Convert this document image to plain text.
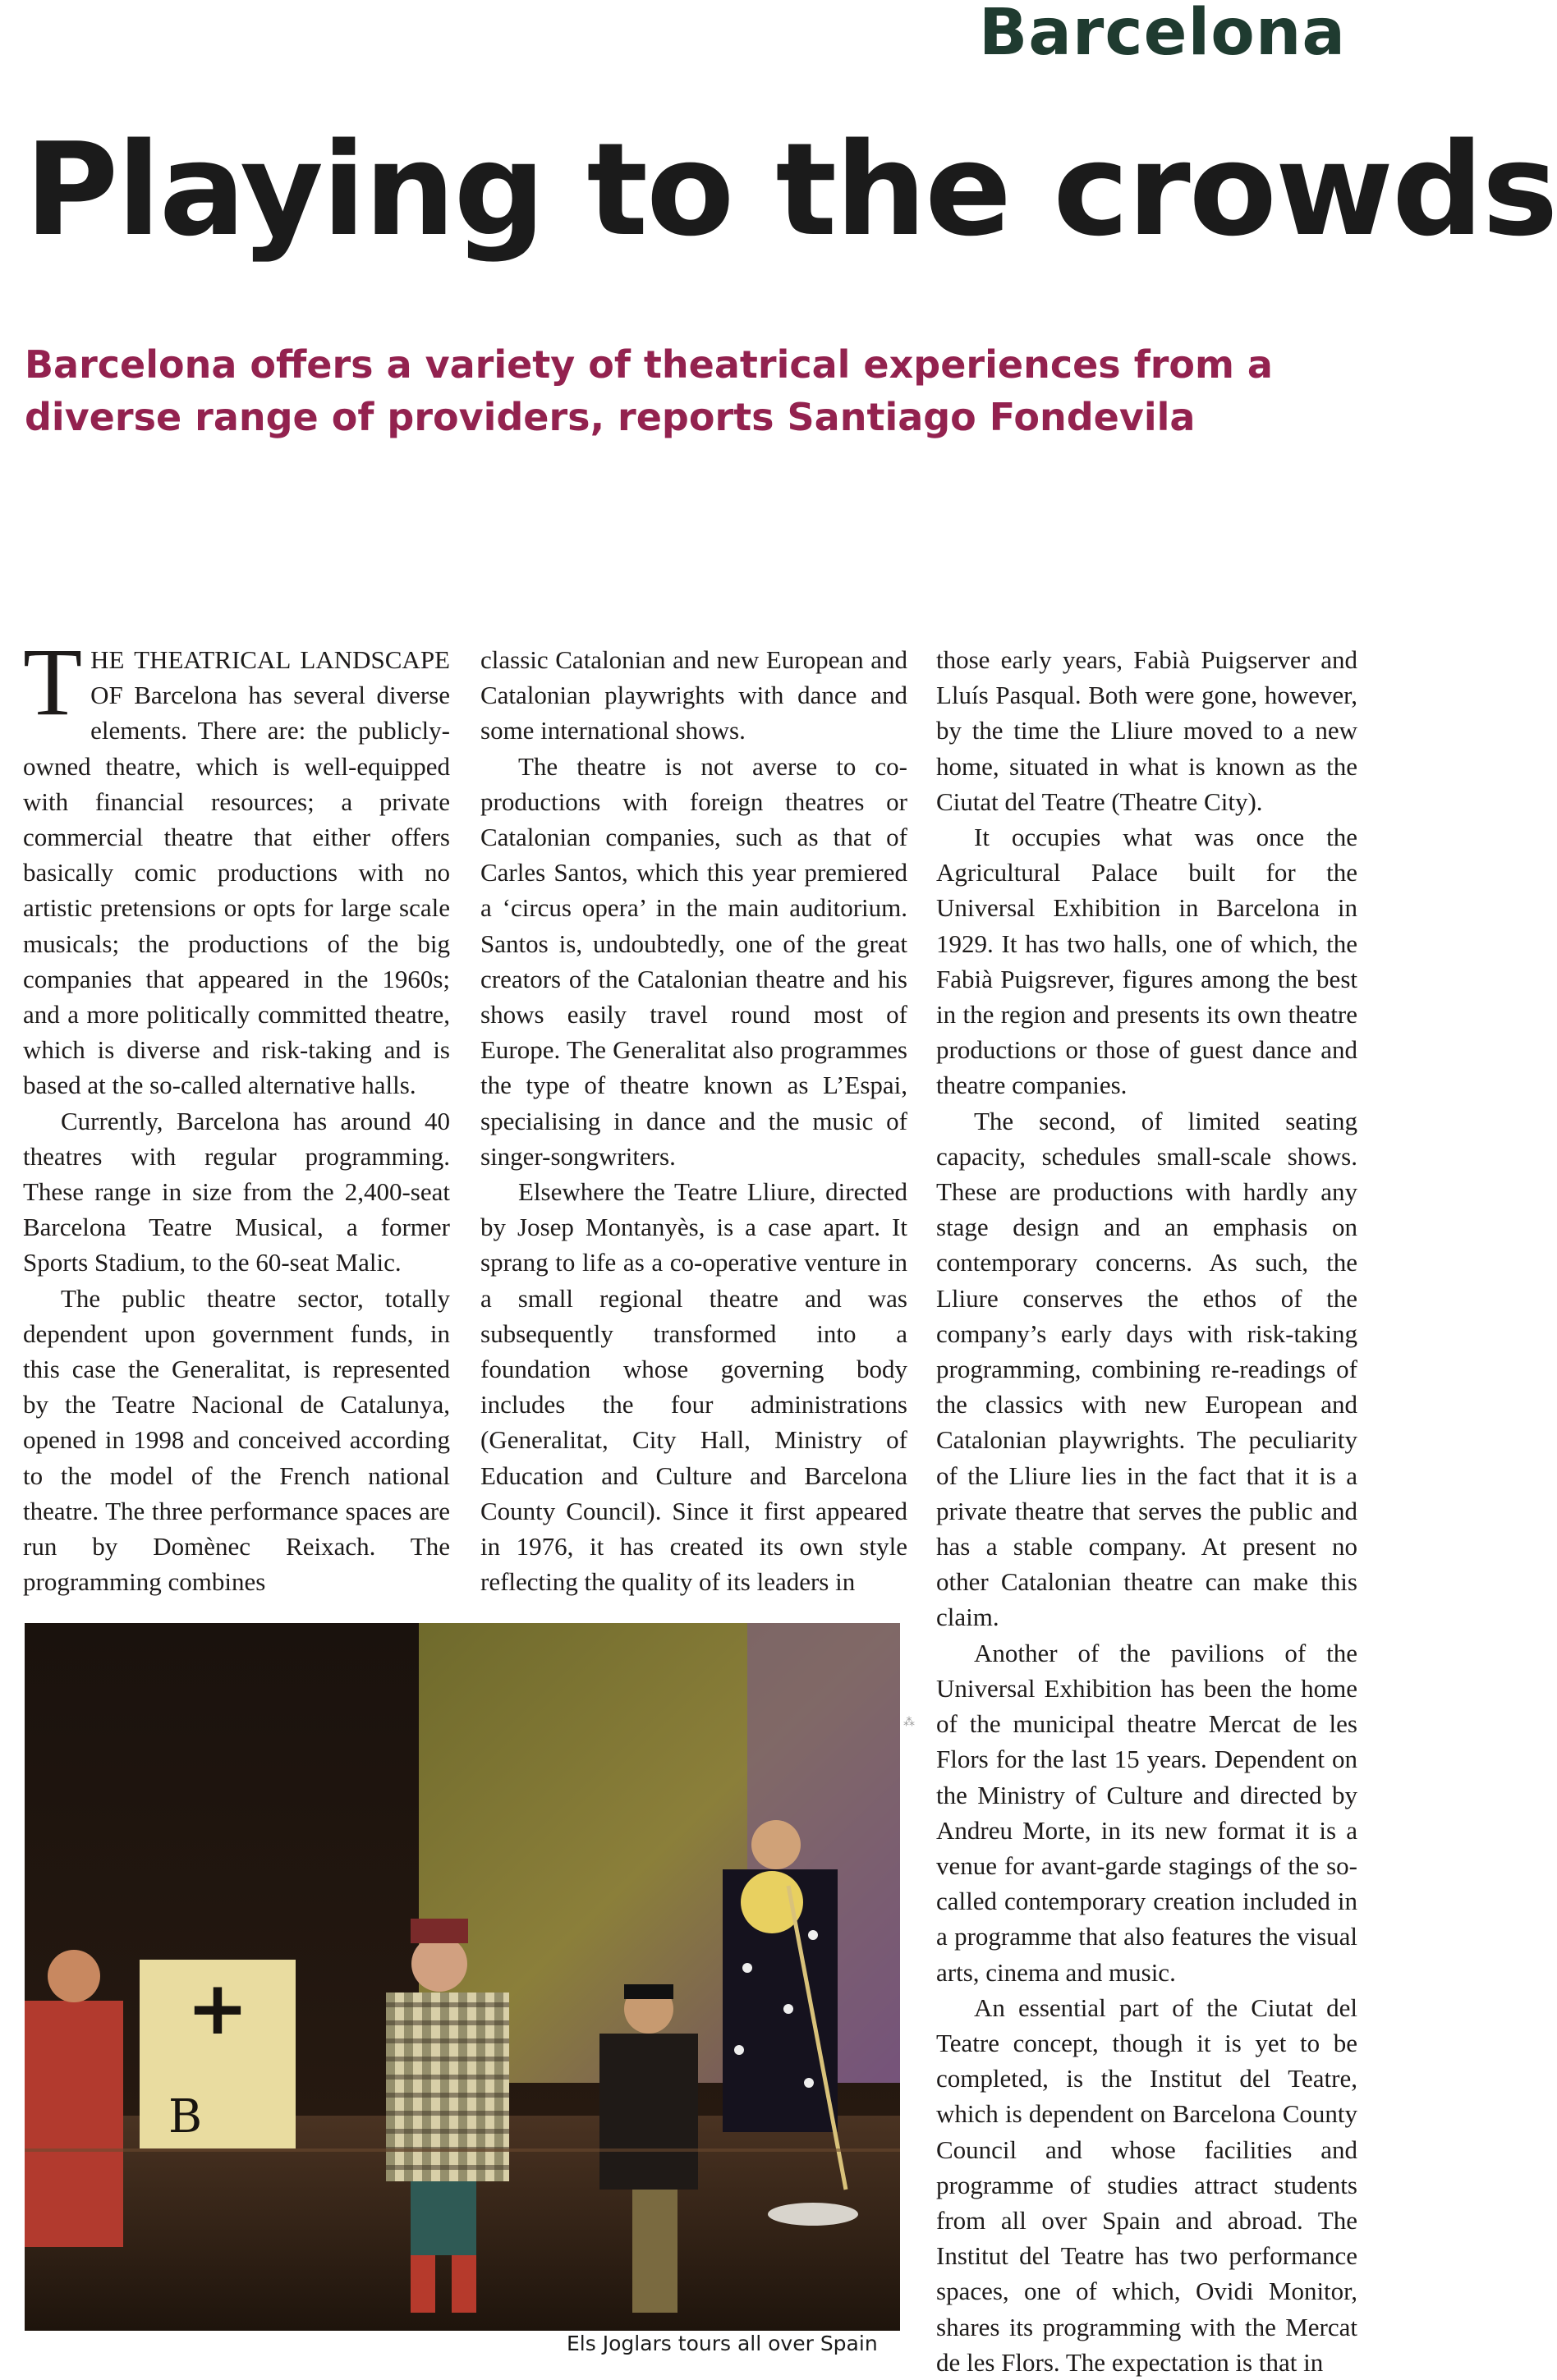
Barcelona
Playing to the crowds
Barcelona offers a variety of theatrical experiences from a diverse range of providers, reports Santiago Fondevila

THE THEATRICAL LANDSCAPE OF Barcelona has several diverse elements. There are: the publicly-owned theatre, which is well-equipped with financial resources; a private commercial theatre that either offers basically comic productions with no artistic pretensions or opts for large scale musicals; the productions of the big companies that appeared in the 1960s; and a more politically committed theatre, which is diverse and risk-taking and is based at the so-called alternative halls.

Currently, Barcelona has around 40 theatres with regular programming. These range in size from the 2,400-seat Barcelona Teatre Musical, a former Sports Stadium, to the 60-seat Malic.

The public theatre sector, totally dependent upon government funds, in this case the Generalitat, is represented by the Teatre Nacional de Catalunya, opened in 1998 and conceived according to the model of the French national theatre. The three performance spaces are run by Domènec Reixach. The programming combines

classic Catalonian and new European and Catalonian playwrights with dance and some international shows.

The theatre is not averse to co-productions with foreign theatres or Catalonian companies, such as that of Carles Santos, which this year premiered a ‘circus opera’ in the main auditorium. Santos is, undoubtedly, one of the great creators of the Catalonian theatre and his shows easily travel round most of Europe. The Generalitat also programmes the type of theatre known as L’Espai, specialising in dance and the music of singer-songwriters.

Elsewhere the Teatre Lliure, directed by Josep Montanyès, is a case apart. It sprang to life as a co-operative venture in a small regional theatre and was subsequently transformed into a foundation whose governing body includes the four administrations (Generalitat, City Hall, Ministry of Education and Culture and Barcelona County Council). Since it first appeared in 1976, it has created its own style reflecting the quality of its leaders in

those early years, Fabià Puigserver and Lluís Pasqual. Both were gone, however, by the time the Lliure moved to a new home, situated in what is known as the Ciutat del Teatre (Theatre City).

It occupies what was once the Agricultural Palace built for the Universal Exhibition in Barcelona in 1929. It has two halls, one of which, the Fabià Puigsrever, figures among the best in the region and presents its own theatre productions or those of guest dance and theatre companies.

The second, of limited seating capacity, schedules small-scale shows. These are productions with hardly any stage design and an emphasis on contemporary concerns. As such, the Lliure conserves the ethos of the company’s early days with risk-taking programming, combining re-readings of the classics with new European and Catalonian playwrights. The peculiarity of the Lliure lies in the fact that it is a private theatre that serves the public and has a stable company. At present no other Catalonian theatre can make this claim.

Another of the pavilions of the Universal Exhibition has been the home of the municipal theatre Mercat de les Flors for the last 15 years. Dependent on the Ministry of Culture and directed by Andreu Morte, in its new format it is a venue for avant-garde stagings of the so-called contemporary creation included in a programme that also features the visual arts, cinema and music.

An essential part of the Ciutat del Teatre concept, though it is yet to be completed, is the Institut del Teatre, which is dependent on Barcelona County Council and whose facilities and programme of studies attract students from all over Spain and abroad. The Institut del Teatre has two performance spaces, one of which, Ovidi Monitor, shares its programming with the Mercat de les Flors. The expectation is that in

+
B
Els Joglars tours all over Spain
⁂
